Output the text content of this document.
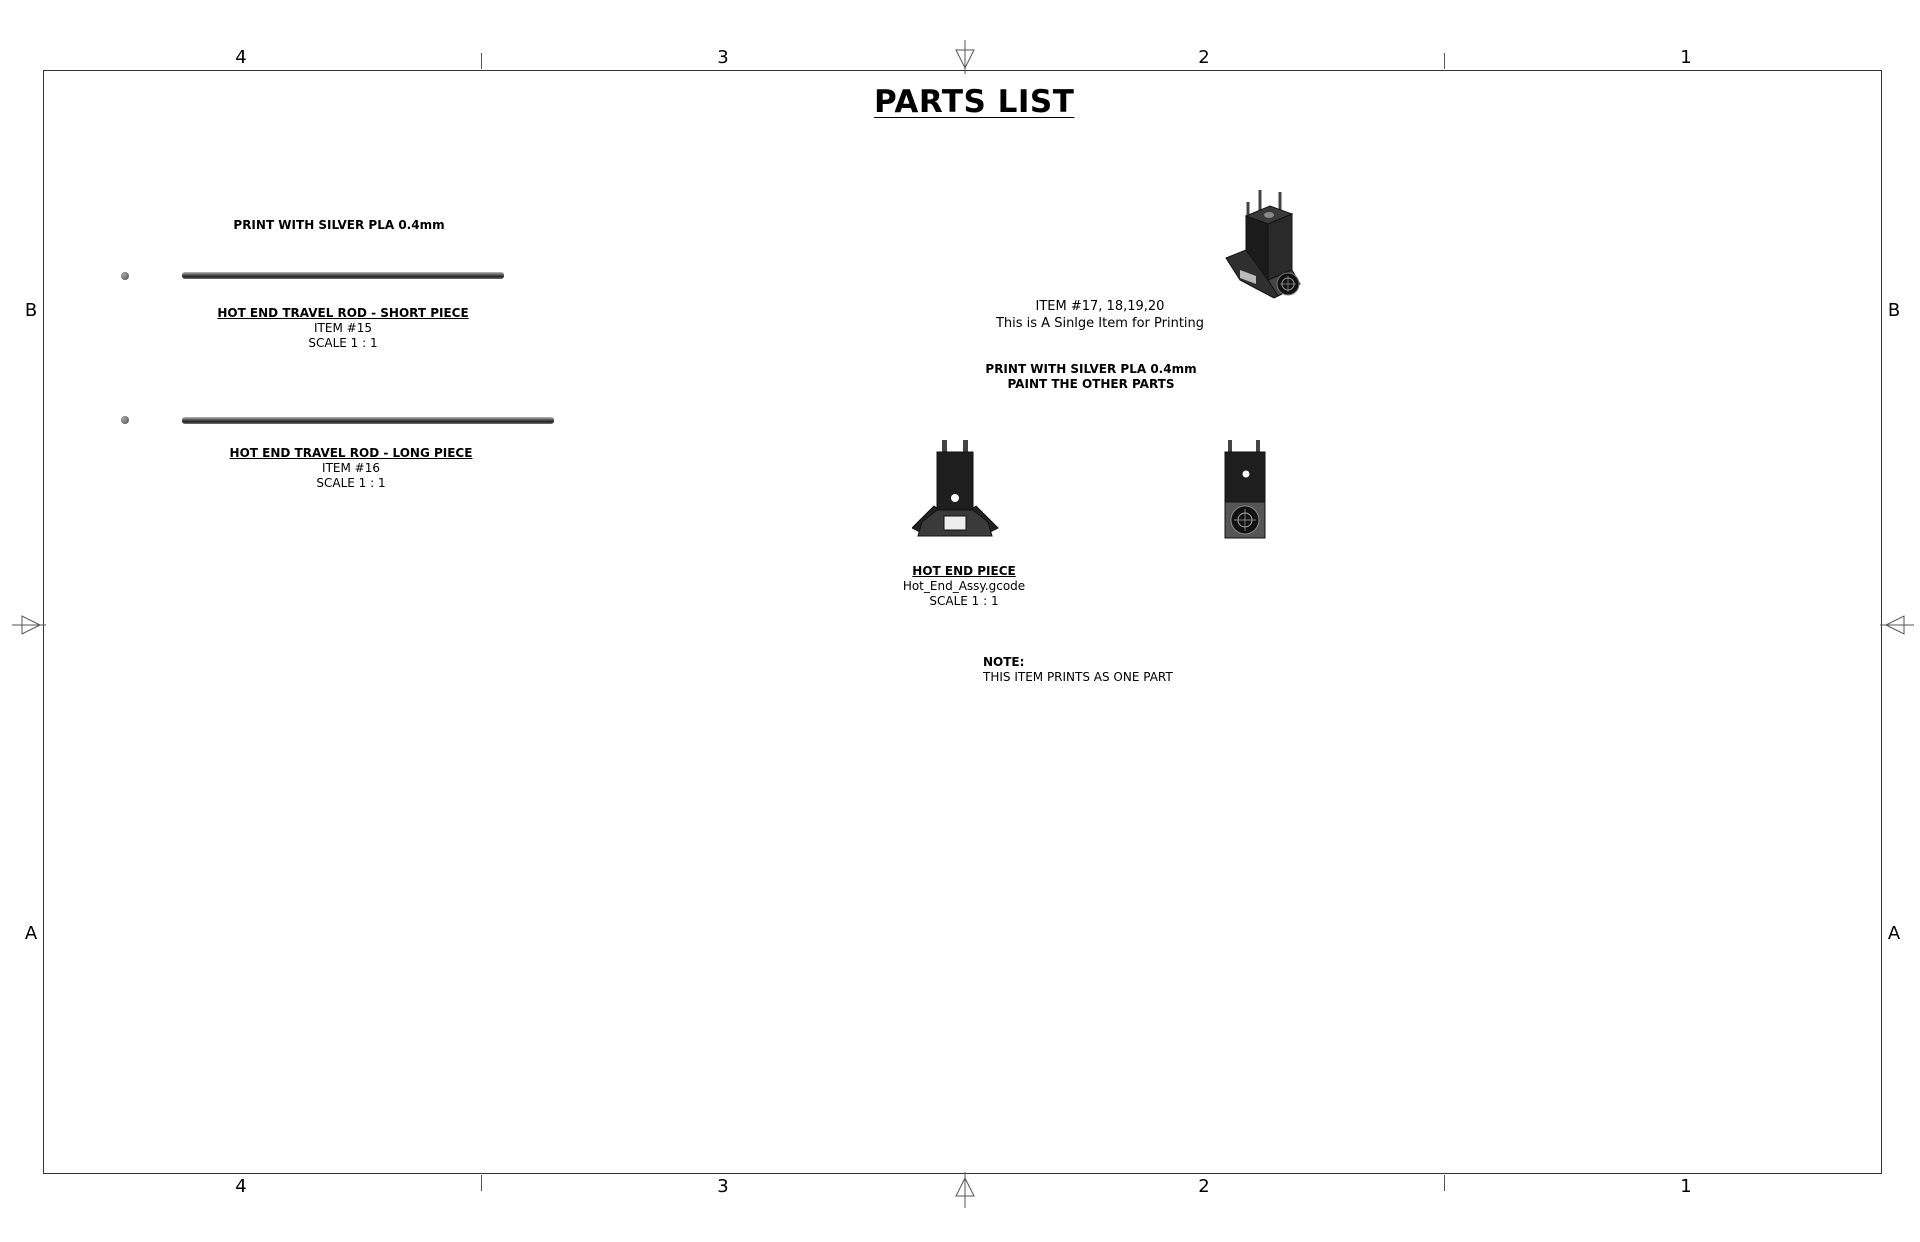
4	3	2	1
4	3	2	1
B
A
B
A
PARTS LIST
PRINT WITH SILVER PLA 0.4mm
HOT END TRAVEL ROD - SHORT PIECE
ITEM #15
SCALE 1 : 1
HOT END TRAVEL ROD - LONG PIECE
ITEM #16
SCALE 1 : 1
ITEM #17, 18,19,20
This is A Sinlge Item for Printing
PRINT WITH SILVER PLA 0.4mm
PAINT THE OTHER PARTS
HOT END PIECE
Hot_End_Assy.gcode
SCALE 1 : 1
NOTE:
THIS ITEM PRINTS AS ONE PART
